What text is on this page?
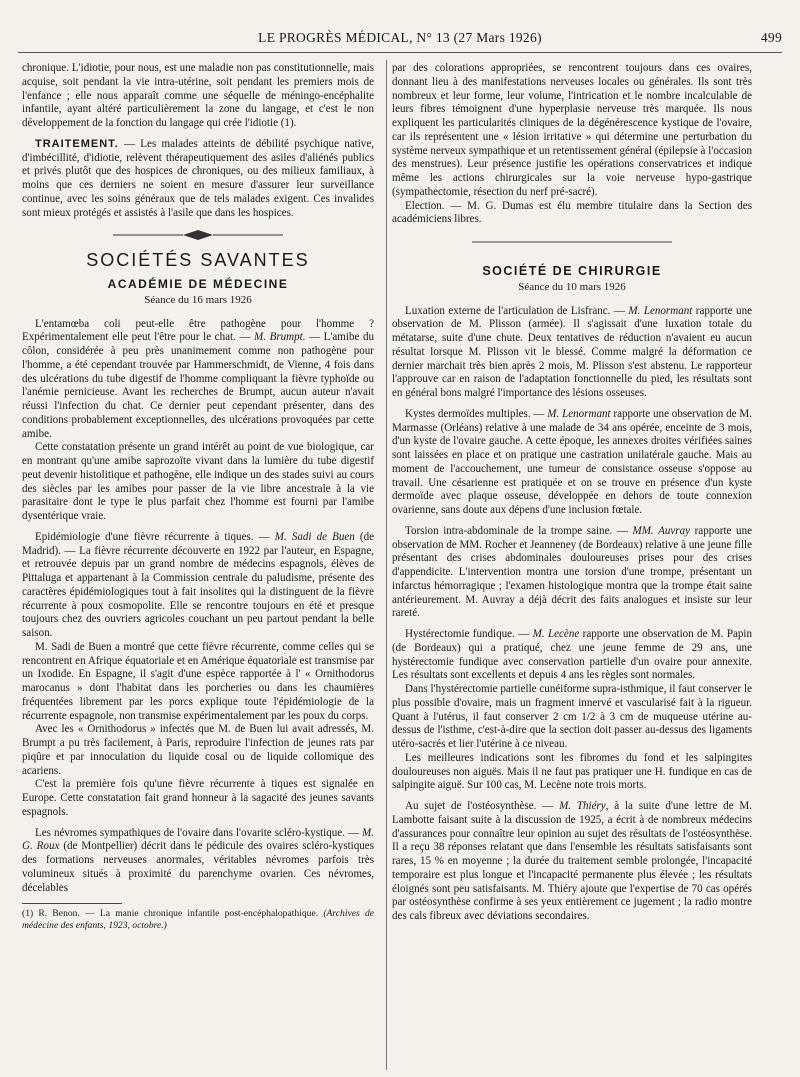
LE PROGRÈS MÉDICAL, N° 13 (27 Mars 1926)	499

chronique. L'idiotie, pour nous, est une maladie non pas constitutionnelle, mais acquise, soit pendant la vie intra-utérine, soit pendant les premiers mois de l'enfance ; elle nous apparaît comme une séquelle de méningo-encéphalite infantile, ayant altéré particulièrement la zone du langage, et c'est le non développement de la fonction du langage qui crée l'idiotie (1).

TRAITEMENT. — Les malades atteints de débilité psychique native, d'imbécillité, d'idiotie, relèvent thérapeutiquement des asiles d'aliénés publics et privés plutôt que des hospices de chroniques, ou des milieux familiaux, à moins que ces derniers ne soient en mesure d'assurer leur surveillance continue, avec les soins généraux que de tels malades exigent. Ces invalides sont mieux protégés et assistés à l'asile que dans les hospices.

SOCIÉTÉS SAVANTES
ACADÉMIE DE MÉDECINE
Séance du 16 mars 1926

L'entamœba coli peut-elle être pathogène pour l'homme ? Expérimentalement elle peut l'être pour le chat. — M. Brumpt. — L'amibe du côlon, considérée à peu près unanimement comme non pathogène pour l'homme, a été cependant trouvée par Hammerschmidt, de Vienne, 4 fois dans des ulcérations du tube digestif de l'homme compliquant la fièvre typhoïde ou l'anémie pernicieuse. Avant les recherches de Brumpt, aucun auteur n'avait réussi l'infection du chat. Ce dernier peut cependant présenter, dans des conditions probablement exceptionnelles, des ulcérations provoquées par cette amibe.

Cette constatation présente un grand intérêt au point de vue biologique, car en montrant qu'une amibe saprozoïte vivant dans la lumière du tube digestif peut devenir histolitique et pathogène, elle indique un des stades suivi au cours des siècles par les amibes pour passer de la vie libre ancestrale à la vie parasitaire dont le type le plus parfait chez l'homme est fourni par l'amibe dysentérique vraie.

Epidémiologie d'une fièvre récurrente à tiques. — M. Sadi de Buen (de Madrid). — La fièvre récurrente découverte en 1922 par l'auteur, en Espagne, et retrouvée depuis par un grand nombre de médecins espagnols, élèves de Pittaluga et appartenant à la Commission centrale du paludisme, présente des caractères épidémiologiques tout à fait insolites qui la distinguent de la fièvre récurrente à poux cosmopolite. Elle se rencontre toujours en été et presque toujours chez des ouvriers agricoles couchant un peu partout pendant la belle saison.

M. Sadi de Buen a montré que cette fièvre récurrente, comme celles qui se rencontrent en Afrique équatoriale et en Amérique équatoriale est transmise par un Ixodide. En Espagne, il s'agit d'une espèce rapportée à l' « Ornithodorus marocanus » dont l'habitat dans les porcheries ou dans les chaumières fréquentées librement par les porcs explique toute l'épidémiologie de la récurrente espagnole, non transmise expérimentalement par les poux du corps.

Avec les « Ornithodorus » infectés que M. de Buen lui avait adressés, M. Brumpt a pu très facilement, à Paris, reproduire l'infection de jeunes rats par piqûre et par innoculation du liquide cosal ou de liquide collomique des acariens.

C'est la première fois qu'une fièvre récurrente à tiques est signalée en Europe. Cette constatation fait grand honneur à la sagacité des jeunes savants espagnols.

Les névromes sympathiques de l'ovaire dans l'ovarite scléro-kystique. — M. G. Roux (de Montpellier) décrit dans le pédicule des ovaires scléro-kystiques des formations nerveuses anormales, véritables névromes parfois très volumineux situés à proximité du parenchyme ovarien. Ces névromes, décelables

(1) R. Benon. — La manie chronique infantile post-encéphalopathique. (Archives de médecine des enfants, 1923, octobre.)

par des colorations appropriées, se rencontrent toujours dans ces ovaires, donnant lieu à des manifestations nerveuses locales ou générales. Ils sont très nombreux et leur forme, leur volume, l'intrication et le nombre incalculable de leurs fibres témoignent d'une hyperplasie nerveuse très marquée. Ils nous expliquent les particularités cliniques de la dégénérescence kystique de l'ovaire, car ils représentent une « lésion irritative » qui détermine une perturbation du système nerveux sympathique et un retentissement général (épilepsie à l'occasion des menstrues). Leur présence justifie les opérations conservatrices et indique même les actions chirurgicales sur la voie nerveuse hypo-gastrique (sympathectomie, résection du nerf pré-sacré).

Election. — M. G. Dumas est élu membre titulaire dans la Section des académiciens libres.

SOCIÉTÉ DE CHIRURGIE
Séance du 10 mars 1926

Luxation externe de l'articulation de Lisfranc. — M. Lenormant rapporte une observation de M. Plisson (armée). Il s'agissait d'une luxation totale du métatarse, suite d'une chute. Deux tentatives de réduction n'avaient eu aucun résultat lorsque M. Plisson vit le blessé. Comme malgré la déformation ce dernier marchait très bien après 2 mois, M. Plisson s'est abstenu. Le rapporteur l'approuve car en raison de l'adaptation fonctionnelle du pied, les résultats sont en général bons malgré l'importance des lésions osseuses.

Kystes dermoïdes multiples. — M. Lenormant rapporte une observation de M. Marmasse (Orléans) relative à une malade de 34 ans opérée, enceinte de 3 mois, d'un kyste de l'ovaire gauche. A cette époque, les annexes droites vérifiées saines sont laissées en place et on pratique une castration unilatérale gauche. Mais au moment de l'accouchement, une tumeur de consistance osseuse s'oppose au travail. Une césarienne est pratiquée et on se trouve en présence d'un kyste dermoïde avec plaque osseuse, développée en dehors de toute connexion ovarienne, sans doute aux dépens d'une inclusion fœtale.

Torsion intra-abdominale de la trompe saine. — MM. Auvray rapporte une observation de MM. Rocher et Jeanneney (de Bordeaux) relative à une jeune fille présentant des crises abdominales douloureuses prises pour des crises d'appendicite. L'intervention montra une torsion d'une trompe, présentant un infarctus hémorragique ; l'examen histologique montra que la trompe était saine antérieurement. M. Auvray a déjà décrit des faits analogues et insiste sur leur rareté.

Hystérectomie fundique. — M. Lecène rapporte une observation de M. Papin (de Bordeaux) qui a pratiqué, chez une jeune femme de 29 ans, une hystérectomie fundique avec conservation partielle d'un ovaire pour annexite. Les résultats sont excellents et depuis 4 ans les règles sont normales.

Dans l'hystérectomie partielle cunéiforme supra-isthmique, il faut conserver le plus possible d'ovaire, mais un fragment innervé et vascularisé fait à la rigueur. Quant à l'utérus, il faut conserver 2 cm 1/2 à 3 cm de muqueuse utérine au-dessus de l'isthme, c'est-à-dire que la section doit passer au-dessus des ligaments utéro-sacrés et lier l'utérine à ce niveau.

Les meilleures indications sont les fibromes du fond et les salpingites douloureuses non aiguës. Mais il ne faut pas pratiquer une H. fundique en cas de salpingite aiguë. Sur 100 cas, M. Lecène note trois morts.

Au sujet de l'ostéosynthèse. — M. Thiéry, à la suite d'une lettre de M. Lambotte faisant suite à la discussion de 1925, a écrit à de nombreux médecins d'assurances pour connaître leur opinion au sujet des résultats de l'ostéosynthèse. Il a reçu 38 réponses relatant que dans l'ensemble les résultats satisfaisants sont rares, 15 % en moyenne ; la durée du traitement semble prolongée, l'incapacité temporaire est plus longue et l'incapacité permanente plus élevée ; les résultats éloignés sont peu satisfaisants. M. Thiéry ajoute que l'expertise de 70 cas opérés par ostéosynthèse confirme à ses yeux entièrement ce jugement ; la radio montre des cals fibreux avec déviations secondaires.
